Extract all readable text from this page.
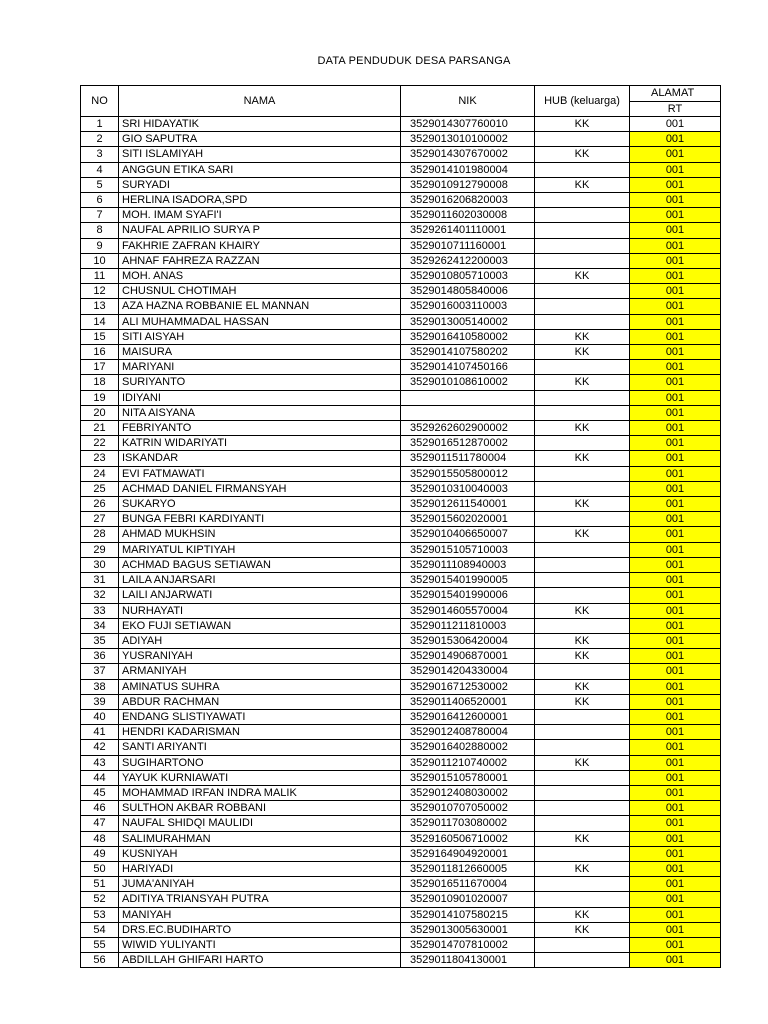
DATA PENDUDUK DESA PARSANGA
NO	NAMA	NIK	HUB (keluarga)	ALAMAT
				RT
1	SRI HIDAYATIK	3529014307760010	KK	001
2	GIO SAPUTRA	3529013010100002		001
3	SITI ISLAMIYAH	3529014307670002	KK	001
4	ANGGUN ETIKA SARI	3529014101980004		001
5	SURYADI	3529010912790008	KK	001
6	HERLINA ISADORA,SPD	3529016206820003		001
7	MOH. IMAM SYAFI'I	3529011602030008		001
8	NAUFAL APRILIO SURYA P	3529261401110001		001
9	FAKHRIE ZAFRAN KHAIRY	3529010711160001		001
10	AHNAF FAHREZA RAZZAN	3529262412200003		001
11	MOH. ANAS	3529010805710003	KK	001
12	CHUSNUL CHOTIMAH	3529014805840006		001
13	AZA HAZNA ROBBANIE EL MANNAN	3529016003110003		001
14	ALI MUHAMMADAL HASSAN	3529013005140002		001
15	SITI AISYAH	3529016410580002	KK	001
16	MAISURA	3529014107580202	KK	001
17	MARIYANI	3529014107450166		001
18	SURIYANTO	3529010108610002	KK	001
19	IDIYANI			001
20	NITA AISYANA			001
21	FEBRIYANTO	3529262602900002	KK	001
22	KATRIN WIDARIYATI	3529016512870002		001
23	ISKANDAR	3529011511780004	KK	001
24	EVI FATMAWATI	3529015505800012		001
25	ACHMAD DANIEL FIRMANSYAH	3529010310040003		001
26	SUKARYO	3529012611540001	KK	001
27	BUNGA FEBRI KARDIYANTI	3529015602020001		001
28	AHMAD MUKHSIN	3529010406650007	KK	001
29	MARIYATUL KIPTIYAH	3529015105710003		001
30	ACHMAD BAGUS SETIAWAN	3529011108940003		001
31	LAILA ANJARSARI	3529015401990005		001
32	LAILI ANJARWATI	3529015401990006		001
33	NURHAYATI	3529014605570004	KK	001
34	EKO FUJI SETIAWAN	3529011211810003		001
35	ADIYAH	3529015306420004	KK	001
36	YUSRANIYAH	3529014906870001	KK	001
37	ARMANIYAH	3529014204330004		001
38	AMINATUS SUHRA	3529016712530002	KK	001
39	ABDUR RACHMAN	3529011406520001	KK	001
40	ENDANG SLISTIYAWATI	3529016412600001		001
41	HENDRI KADARISMAN	3529012408780004		001
42	SANTI ARIYANTI	3529016402880002		001
43	SUGIHARTONO	3529011210740002	KK	001
44	YAYUK KURNIAWATI	3529015105780001		001
45	MOHAMMAD IRFAN INDRA MALIK	3529012408030002		001
46	SULTHON AKBAR ROBBANI	3529010707050002		001
47	NAUFAL SHIDQI MAULIDI	3529011703080002		001
48	SALIMURAHMAN	3529160506710002	KK	001
49	KUSNIYAH	3529164904920001		001
50	HARIYADI	3529011812660005	KK	001
51	JUMA'ANIYAH	3529016511670004		001
52	ADITIYA TRIANSYAH PUTRA	3529010901020007		001
53	MANIYAH	3529014107580215	KK	001
54	DRS.EC.BUDIHARTO	3529013005630001	KK	001
55	WIWID YULIYANTI	3529014707810002		001
56	ABDILLAH GHIFARI HARTO	3529011804130001		001
